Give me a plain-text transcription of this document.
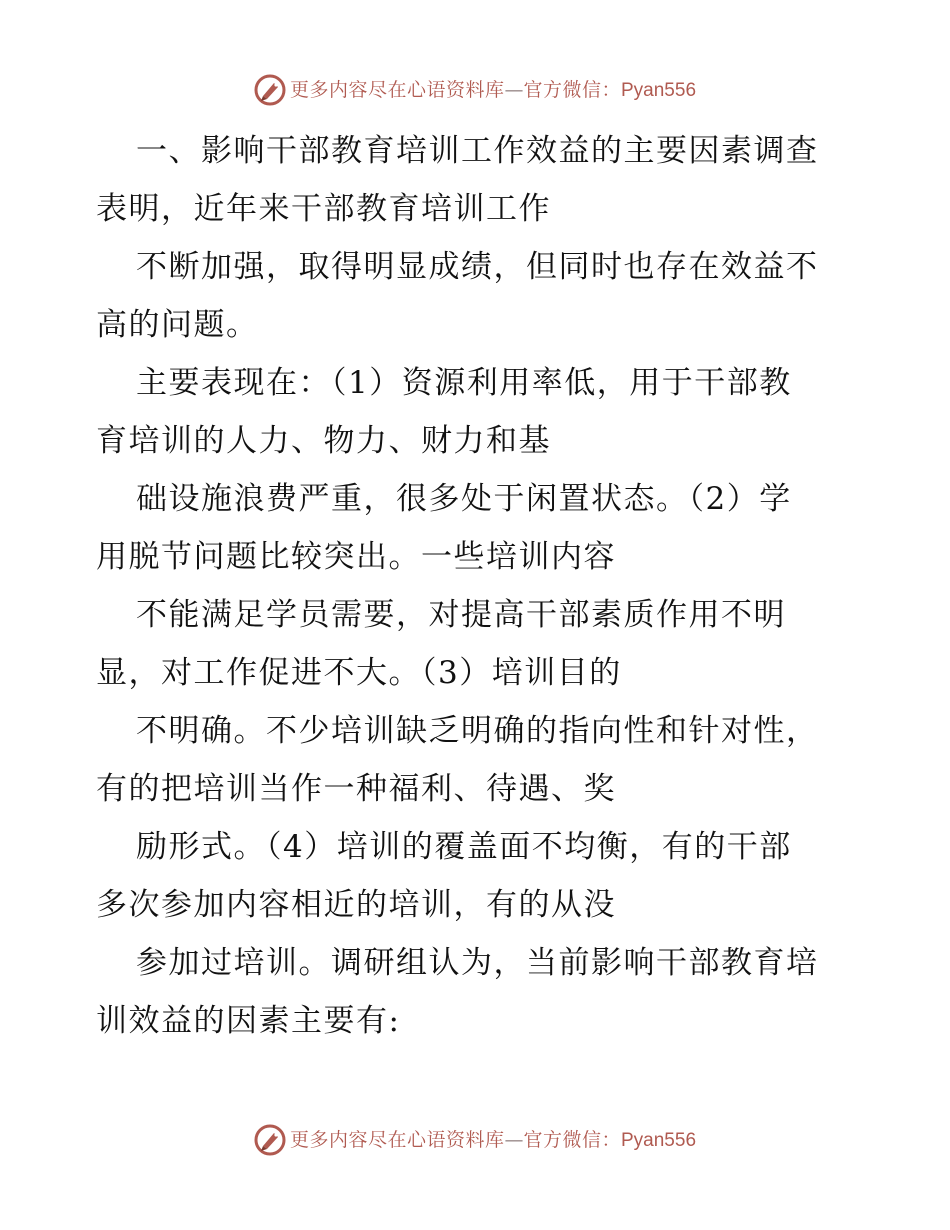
更多内容尽在心语资料库 — 官方微信： Pyan556

一、影响干部教育培训工作效益的主要因素调查
表明，近年来干部教育培训工作

不断加强，取得明显成绩，但同时也存在效益不
高的问题。

主要表现在：（1）资源利用率低，用于干部教
育培训的人力、物力、财力和基

础设施浪费严重，很多处于闲置状态。（2）学
用脱节问题比较突出。一些培训内容

不能满足学员需要，对提高干部素质作用不明
显，对工作促进不大。（3）培训目的

不明确。不少培训缺乏明确的指向性和针对性，
有的把培训当作一种福利、待遇、奖

励形式。（4）培训的覆盖面不均衡，有的干部
多次参加内容相近的培训，有的从没

参加过培训。调研组认为，当前影响干部教育培
训效益的因素主要有:

更多内容尽在心语资料库 — 官方微信： Pyan556
